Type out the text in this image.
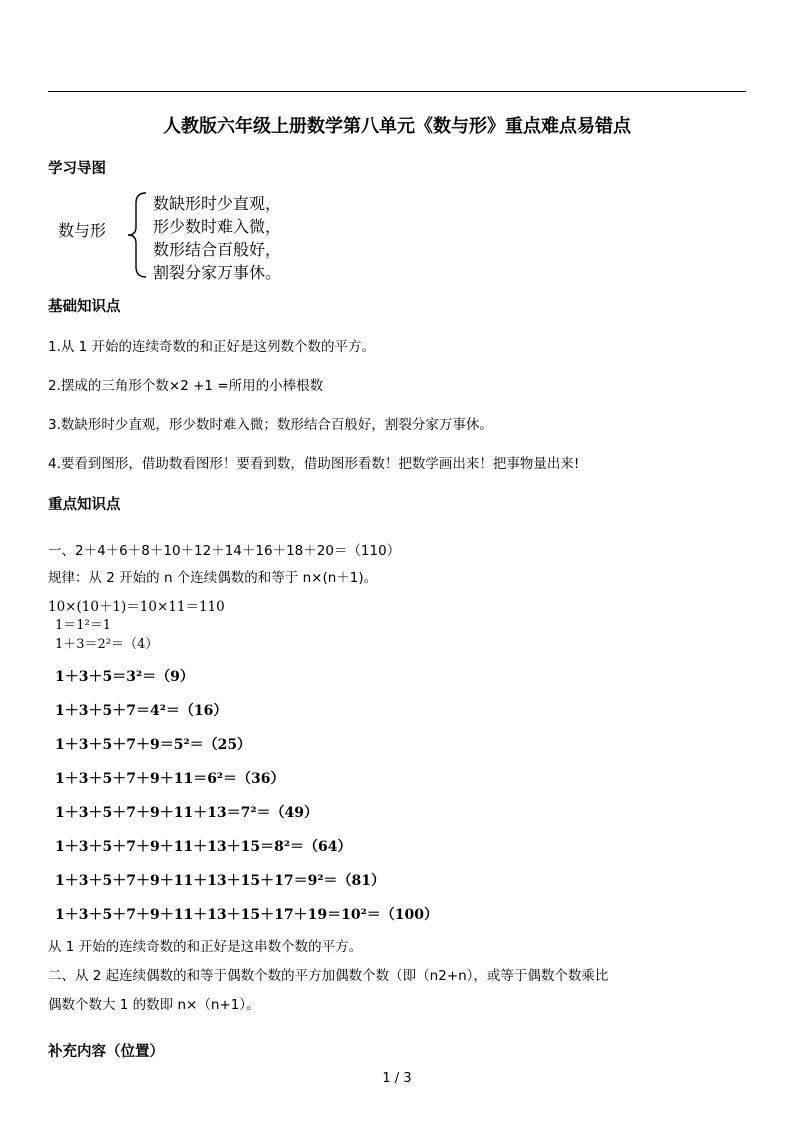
人教版六年级上册数学第八单元《数与形》重点难点易错点
学习导图
数与形
数缺形时少直观，
形少数时难入微，
数形结合百般好，
割裂分家万事休。
基础知识点
1.从 1 开始的连续奇数的和正好是这列数个数的平方。
2.摆成的三角形个数×2 +1 =所用的小棒根数
3.数缺形时少直观，形少数时难入微；数形结合百般好，割裂分家万事休。
4.要看到图形，借助数看图形！要看到数，借助图形看数！把数学画出来！把事物量出来!
重点知识点
一、2＋4＋6＋8＋10＋12＋14＋16＋18＋20＝（110）
规律：从 2 开始的 n 个连续偶数的和等于 n×(n＋1)。
10×(10＋1)＝10×11＝110
1＝1²＝1
1＋3＝2²＝（4）
1＋3＋5＝3²＝（9）
1＋3＋5＋7＝4²＝（16）
1＋3＋5＋7＋9＝5²＝（25）
1＋3＋5＋7＋9＋11＝6²＝（36）
1＋3＋5＋7＋9＋11＋13＝7²＝（49）
1＋3＋5＋7＋9＋11＋13＋15＝8²＝（64）
1＋3＋5＋7＋9＋11＋13＋15＋17＝9²＝（81）
1＋3＋5＋7＋9＋11＋13＋15＋17＋19＝10²＝（100）
从 1 开始的连续奇数的和正好是这串数个数的平方。
二、从 2 起连续偶数的和等于偶数个数的平方加偶数个数（即（n2+n），或等于偶数个数乘比
偶数个数大 1 的数即 n×（n+1）。
补充内容（位置）
1 / 3
